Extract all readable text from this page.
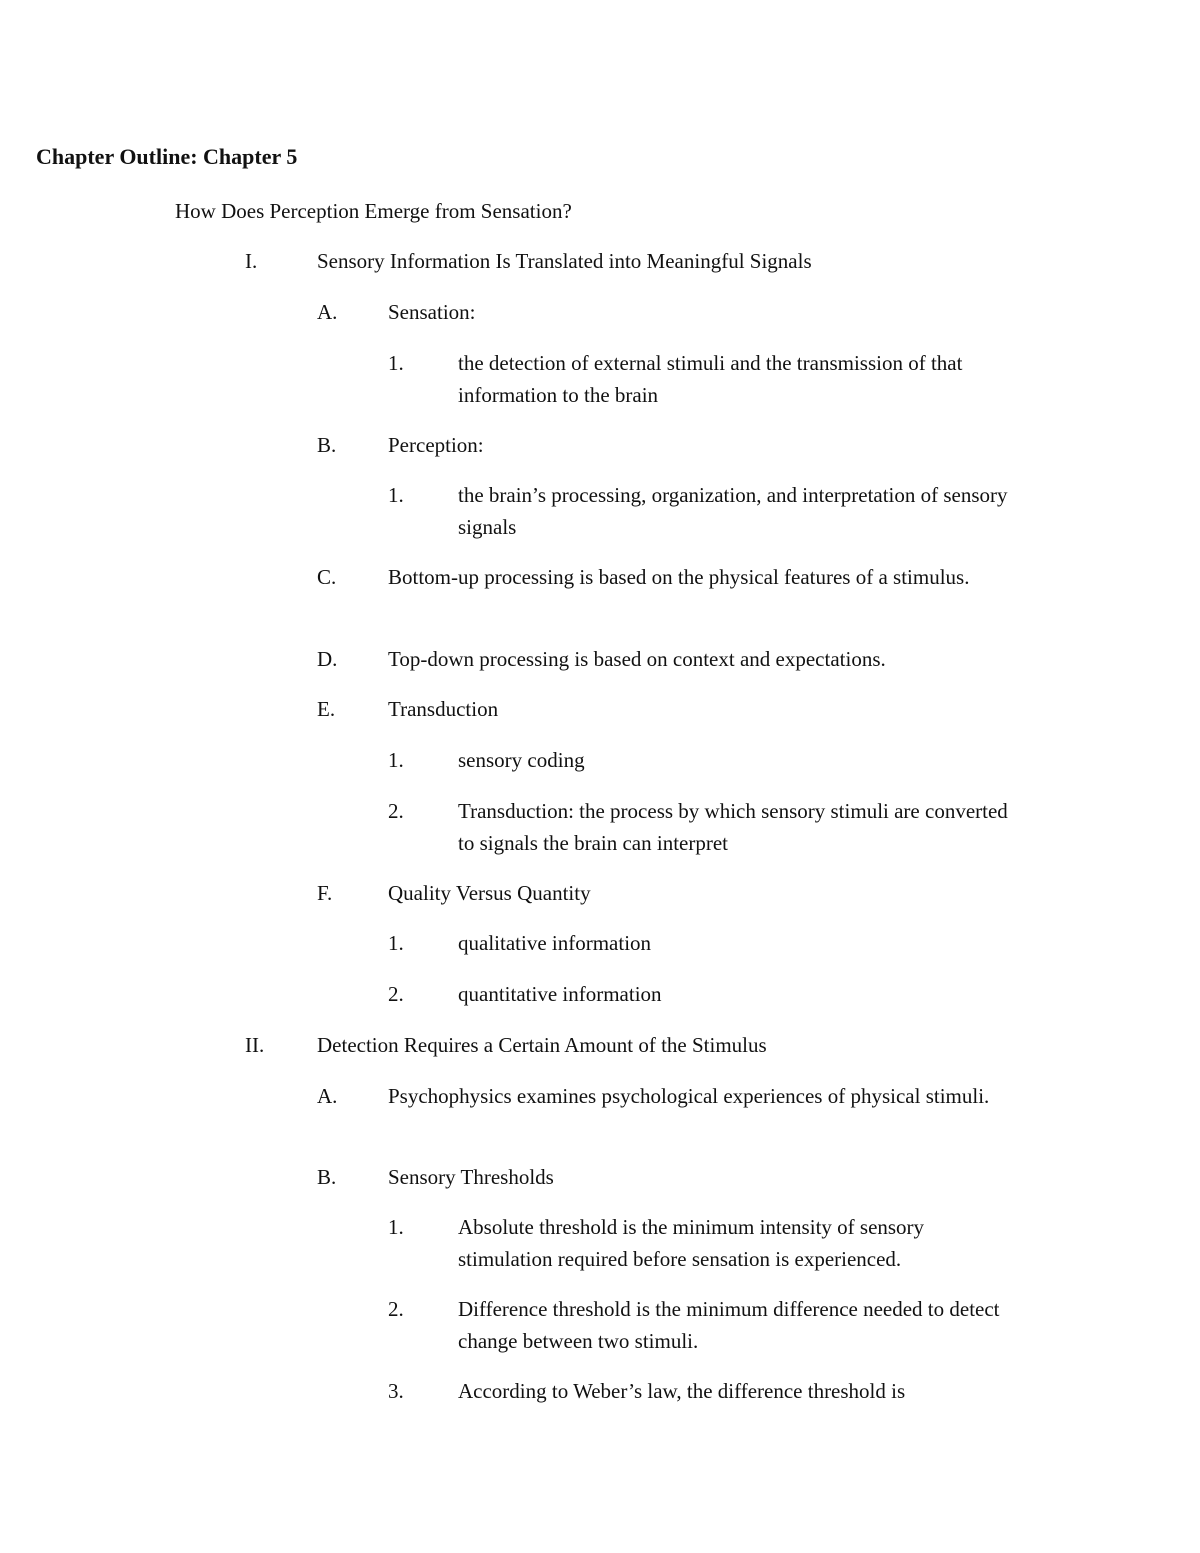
Chapter Outline: Chapter 5
How Does Perception Emerge from Sensation?
I.	Sensory Information Is Translated into Meaningful Signals
A. Sensation:
1.	the detection of external stimuli and the transmission of that information to the brain
B. Perception:
1.	the brain’s processing, organization, and interpretation of sensory signals
C. Bottom-up processing is based on the physical features of a stimulus.
D. Top-down processing is based on context and expectations.
E.	Transduction
1.	sensory coding
2.	Transduction: the process by which sensory stimuli are converted to signals the brain can interpret
F.	Quality Versus Quantity
1.	qualitative information
2.	quantitative information
II.	Detection Requires a Certain Amount of the Stimulus
A. Psychophysics examines psychological experiences of physical stimuli.
B. Sensory Thresholds
1.	Absolute threshold is the minimum intensity of sensory stimulation required before sensation is experienced.
2.	Difference threshold is the minimum difference needed to detect change between two stimuli.
3.	According to Weber’s law, the difference threshold is
